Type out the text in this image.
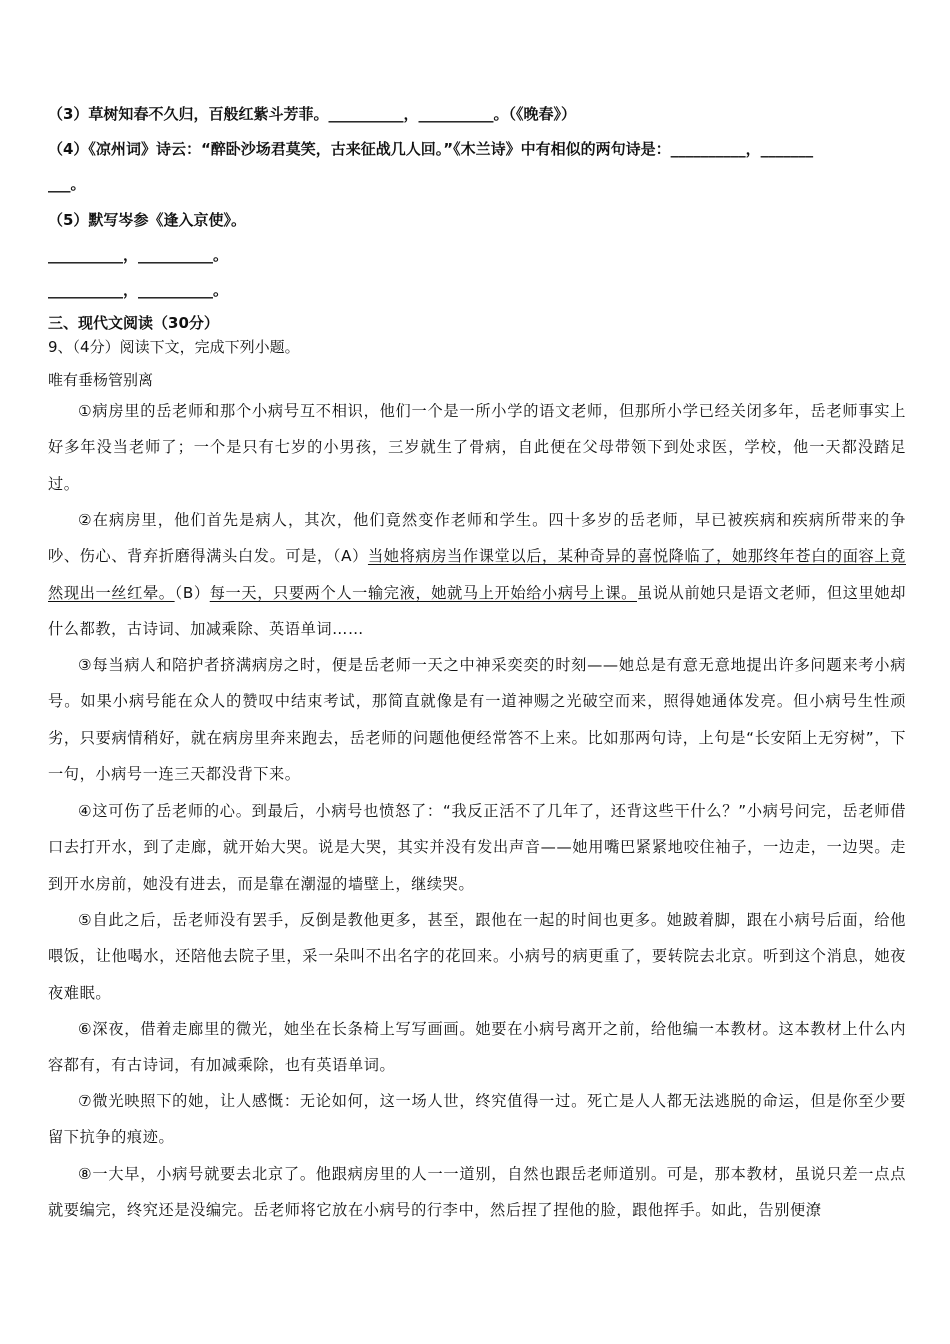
（3）草树知春不久归，百般红紫斗芳菲。__________，__________。（《晚春》）
（4）《凉州词》诗云：“醉卧沙场君莫笑，古来征战几人回。”《木兰诗》中有相似的两句诗是：__________，_______
___。
（5）默写岑参《逢入京使》。
__________，__________。
__________，__________。
三、现代文阅读（30分）
9、（4分）阅读下文，完成下列小题。
唯有垂杨管别离
①病房里的岳老师和那个小病号互不相识，他们一个是一所小学的语文老师，但那所小学已经关闭多年，岳老师事实上好多年没当老师了；一个是只有七岁的小男孩，三岁就生了骨病，自此便在父母带领下到处求医，学校，他一天都没踏足过。
②在病房里，他们首先是病人，其次，他们竟然变作老师和学生。四十多岁的岳老师，早已被疾病和疾病所带来的争吵、伤心、背弃折磨得满头白发。可是，（A）当她将病房当作课堂以后，某种奇异的喜悦降临了，她那终年苍白的面容上竟然现出一丝红晕。（B）每一天，只要两个人一输完液，她就马上开始给小病号上课。虽说从前她只是语文老师，但这里她却什么都教，古诗词、加减乘除、英语单词……
③每当病人和陪护者挤满病房之时，便是岳老师一天之中神采奕奕的时刻——她总是有意无意地提出许多问题来考小病号。如果小病号能在众人的赞叹中结束考试，那简直就像是有一道神赐之光破空而来，照得她通体发亮。但小病号生性顽劣，只要病情稍好，就在病房里奔来跑去，岳老师的问题他便经常答不上来。比如那两句诗，上句是“长安陌上无穷树”，下一句，小病号一连三天都没背下来。
④这可伤了岳老师的心。到最后，小病号也愤怒了：“我反正活不了几年了，还背这些干什么？”小病号问完，岳老师借口去打开水，到了走廊，就开始大哭。说是大哭，其实并没有发出声音——她用嘴巴紧紧地咬住袖子，一边走，一边哭。走到开水房前，她没有进去，而是靠在潮湿的墙壁上，继续哭。
⑤自此之后，岳老师没有罢手，反倒是教他更多，甚至，跟他在一起的时间也更多。她跛着脚，跟在小病号后面，给他喂饭，让他喝水，还陪他去院子里，采一朵叫不出名字的花回来。小病号的病更重了，要转院去北京。听到这个消息，她夜夜难眠。
⑥深夜，借着走廊里的微光，她坐在长条椅上写写画画。她要在小病号离开之前，给他编一本教材。这本教材上什么内容都有，有古诗词，有加减乘除，也有英语单词。
⑦微光映照下的她，让人感慨：无论如何，这一场人世，终究值得一过。死亡是人人都无法逃脱的命运，但是你至少要留下抗争的痕迹。
⑧一大早，小病号就要去北京了。他跟病房里的人一一道别，自然也跟岳老师道别。可是，那本教材，虽说只差一点点就要编完，终究还是没编完。岳老师将它放在小病号的行李中，然后捏了捏他的脸，跟他挥手。如此，告别便潦
